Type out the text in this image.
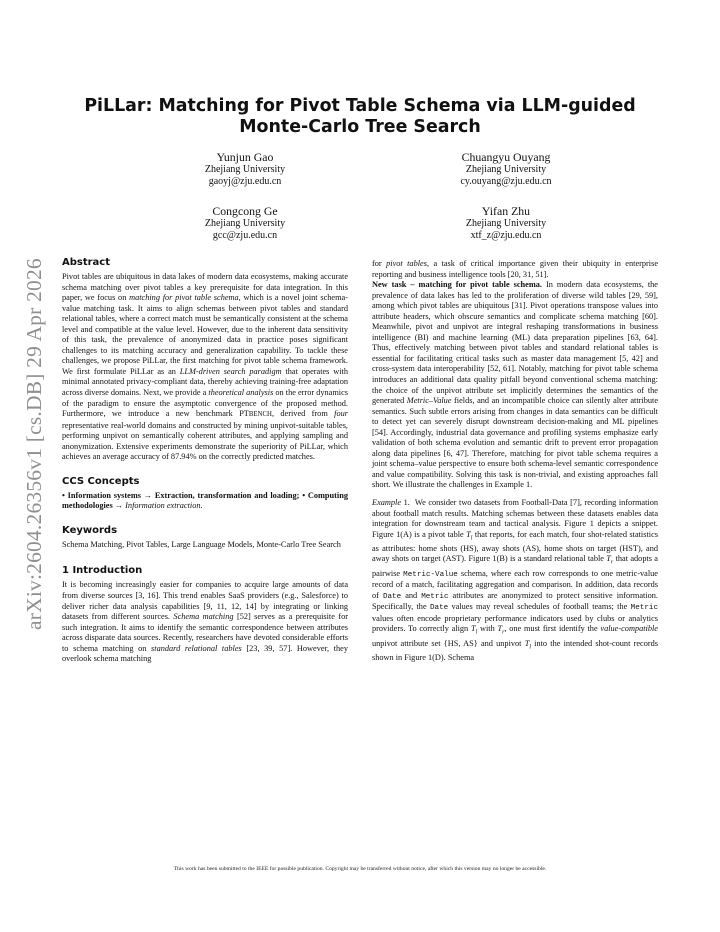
arXiv:2604.26356v1 [cs.DB] 29 Apr 2026
PiLLar: Matching for Pivot Table Schema via LLM-guided
Monte-Carlo Tree Search
Yunjun Gao
Zhejiang University
gaoyj@zju.edu.cn
Chuangyu Ouyang
Zhejiang University
cy.ouyang@zju.edu.cn
Congcong Ge
Zhejiang University
gcc@zju.edu.cn
Yifan Zhu
Zhejiang University
xtf_z@zju.edu.cn
Abstract

Pivot tables are ubiquitous in data lakes of modern data ecosystems, making accurate schema matching over pivot tables a key prerequisite for data integration. In this paper, we focus on matching for pivot table schema, which is a novel joint schema-value matching task. It aims to align schemas between pivot tables and standard relational tables, where a correct match must be semantically consistent at the schema level and compatible at the value level. However, due to the inherent data sensitivity of this task, the prevalence of anonymized data in practice poses significant challenges to its matching accuracy and generalization capability. To tackle these challenges, we propose PiLLar, the first matching for pivot table schema framework. We first formulate PiLLar as an LLM-driven search paradigm that operates with minimal annotated privacy-compliant data, thereby achieving training-free adaptation across diverse domains. Next, we provide a theoretical analysis on the error dynamics of the paradigm to ensure the asymptotic convergence of the proposed method. Furthermore, we introduce a new benchmark PTBENCH, derived from four representative real-world domains and constructed by mining unpivot-suitable tables, performing unpivot on semantically coherent attributes, and applying sampling and anonymization. Extensive experiments demonstrate the superiority of PiLLar, which achieves an average accuracy of 87.94% on the correctly predicted matches.

CCS Concepts

• Information systems → Extraction, transformation and loading; • Computing methodologies → Information extraction.

Keywords

Schema Matching, Pivot Tables, Large Language Models, Monte-Carlo Tree Search

1 Introduction

It is becoming increasingly easier for companies to acquire large amounts of data from diverse sources [3, 16]. This trend enables SaaS providers (e.g., Salesforce) to deliver richer data analysis capabilities [9, 11, 12, 14] by integrating or linking datasets from different sources. Schema matching [52] serves as a prerequisite for such integration. It aims to identify the semantic correspondence between attributes across disparate data sources. Recently, researchers have devoted considerable efforts to schema matching on standard relational tables [23, 39, 57]. However, they overlook schema matching

for pivot tables, a task of critical importance given their ubiquity in enterprise reporting and business intelligence tools [20, 31, 51].

New task – matching for pivot table schema. In modern data ecosystems, the prevalence of data lakes has led to the proliferation of diverse wild tables [29, 59], among which pivot tables are ubiquitous [31]. Pivot operations transpose values into attribute headers, which obscure semantics and complicate schema matching [60]. Meanwhile, pivot and unpivot are integral reshaping transformations in business intelligence (BI) and machine learning (ML) data preparation pipelines [63, 64]. Thus, effectively matching between pivot tables and standard relational tables is essential for facilitating critical tasks such as master data management [5, 42] and cross-system data interoperability [52, 61]. Notably, matching for pivot table schema introduces an additional data quality pitfall beyond conventional schema matching: the choice of the unpivot attribute set implicitly determines the semantics of the generated Metric–Value fields, and an incompatible choice can silently alter attribute semantics. Such subtle errors arising from changes in data semantics can be difficult to detect yet can severely disrupt downstream decision-making and ML pipelines [54]. Accordingly, industrial data governance and profiling systems emphasize early validation of both schema evolution and semantic drift to prevent error propagation along data pipelines [6, 47]. Therefore, matching for pivot table schema requires a joint schema–value perspective to ensure both schema-level semantic correspondence and value compatibility. Solving this task is non-trivial, and existing approaches fall short. We illustrate the challenges in Example 1.

Example 1.  We consider two datasets from Football-Data [7], recording information about football match results. Matching schemas between these datasets enables data integration for downstream team and tactical analysis. Figure 1 depicts a snippet. Figure 1(A) is a pivot table $T_l$ that reports, for each match, four shot-related statistics as attributes: home shots (HS), away shots (AS), home shots on target (HST), and away shots on target (AST). Figure 1(B) is a standard relational table $T_r$ that adopts a pairwise Metric-Value schema, where each row corresponds to one metric-value record of a match, facilitating aggregation and comparison. In addition, data records of Date and Metric attributes are anonymized to protect sensitive information. Specifically, the Date values may reveal schedules of football teams; the Metric values often encode proprietary performance indicators used by clubs or analytics providers. To correctly align $T_l$ with $T_r$, one must first identify the value-compatible unpivot attribute set {HS, AS} and unpivot $T_l$ into the intended shot-count records shown in Figure 1(D). Schema

This work has been submitted to the IEEE for possible publication. Copyright may be transferred without notice, after which this version may no longer be accessible.
